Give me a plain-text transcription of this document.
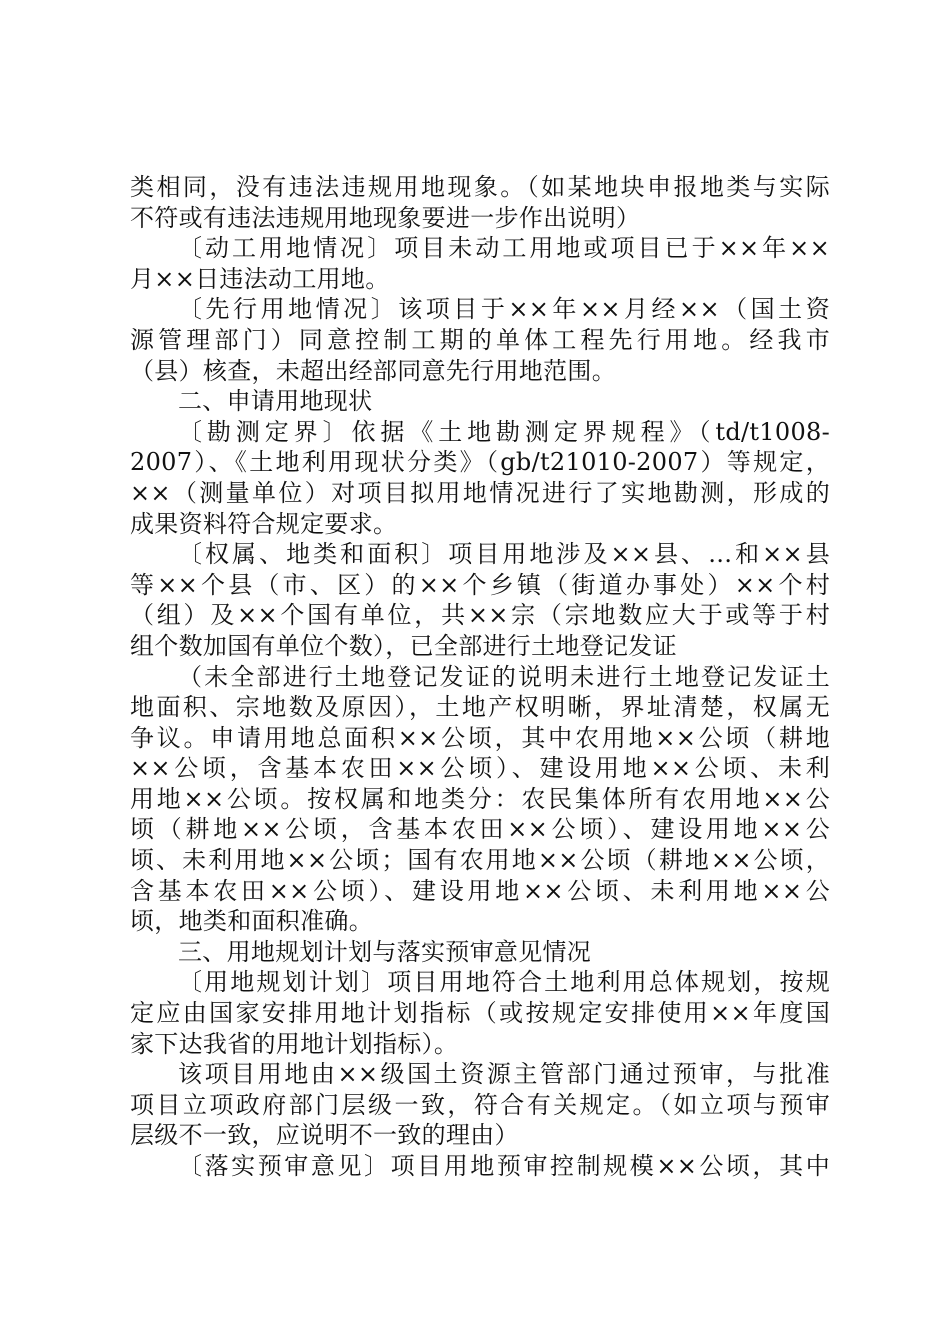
类相同，没有违法违规用地现象。（如某地块申报地类与实际
不符或有违法违规用地现象要进一步作出说明）
〔动工用地情况〕项目未动工用地或项目已于××年××
月××日违法动工用地。
〔先行用地情况〕该项目于××年××月经××（国土资
源管理部门）同意控制工期的单体工程先行用地。经我市
（县）核查，未超出经部同意先行用地范围。
二、申请用地现状
〔勘测定界〕依据《土地勘测定界规程》（td/t1008-
2007）、《土地利用现状分类》（gb/t21010-2007）等规定，
××（测量单位）对项目拟用地情况进行了实地勘测，形成的
成果资料符合规定要求。
〔权属、地类和面积〕项目用地涉及××县、…和××县
等××个县（市、区）的××个乡镇（街道办事处）××个村
（组）及××个国有单位，共××宗（宗地数应大于或等于村
组个数加国有单位个数），已全部进行土地登记发证
（未全部进行土地登记发证的说明未进行土地登记发证土
地面积、宗地数及原因），土地产权明晰，界址清楚，权属无
争议。申请用地总面积××公顷，其中农用地××公顷（耕地
××公顷，含基本农田××公顷）、建设用地××公顷、未利
用地××公顷。按权属和地类分：农民集体所有农用地××公
顷（耕地××公顷，含基本农田××公顷）、建设用地××公
顷、未利用地××公顷；国有农用地××公顷（耕地××公顷，
含基本农田××公顷）、建设用地××公顷、未利用地××公
顷，地类和面积准确。
三、用地规划计划与落实预审意见情况
〔用地规划计划〕项目用地符合土地利用总体规划，按规
定应由国家安排用地计划指标（或按规定安排使用××年度国
家下达我省的用地计划指标）。
该项目用地由××级国土资源主管部门通过预审，与批准
项目立项政府部门层级一致，符合有关规定。（如立项与预审
层级不一致，应说明不一致的理由）
〔落实预审意见〕项目用地预审控制规模××公顷，其中
